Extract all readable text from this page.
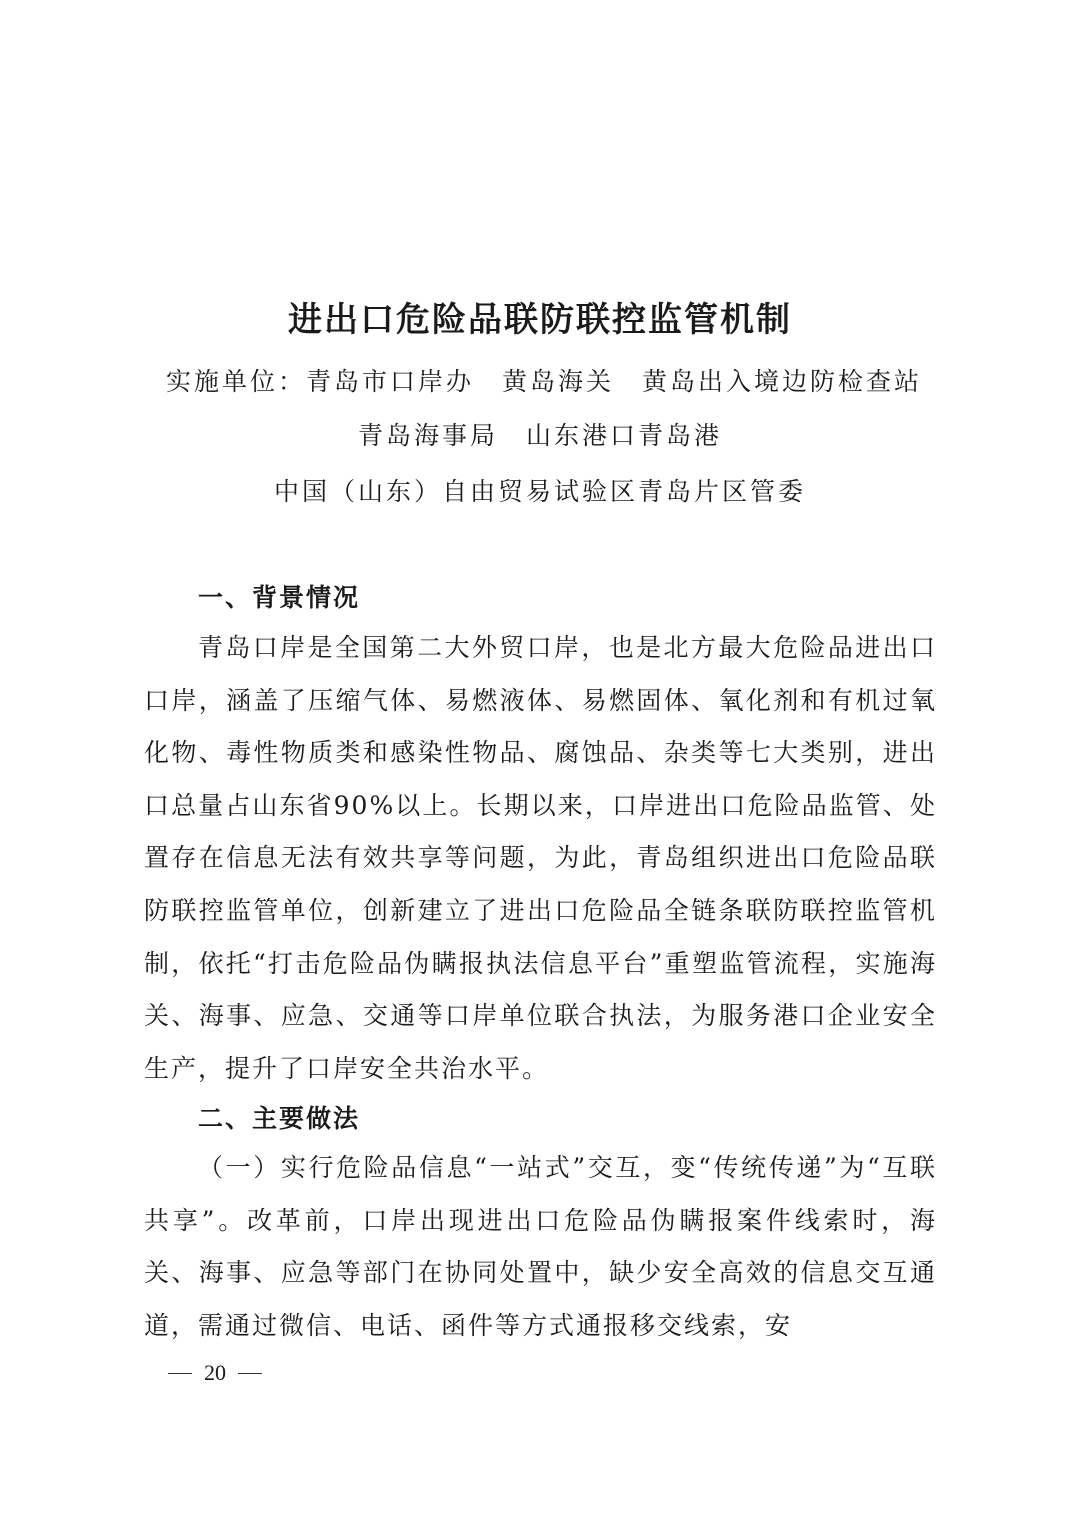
进出口危险品联防联控监管机制
实施单位：青岛市口岸办　黄岛海关　黄岛出入境边防检查站
青岛海事局　山东港口青岛港
中国（山东）自由贸易试验区青岛片区管委
一、背景情况

青岛口岸是全国第二大外贸口岸，也是北方最大危险品进出口口岸，涵盖了压缩气体、易燃液体、易燃固体、氧化剂和有机过氧化物、毒性物质类和感染性物品、腐蚀品、杂类等七大类别，进出口总量占山东省90%以上。长期以来，口岸进出口危险品监管、处置存在信息无法有效共享等问题，为此，青岛组织进出口危险品联防联控监管单位，创新建立了进出口危险品全链条联防联控监管机制，依托“打击危险品伪瞒报执法信息平台”重塑监管流程，实施海关、海事、应急、交通等口岸单位联合执法，为服务港口企业安全生产，提升了口岸安全共治水平。

二、主要做法

（一）实行危险品信息“一站式”交互，变“传统传递”为“互联共享”。改革前，口岸出现进出口危险品伪瞒报案件线索时，海关、海事、应急等部门在协同处置中，缺少安全高效的信息交互通道，需通过微信、电话、函件等方式通报移交线索，安

20
